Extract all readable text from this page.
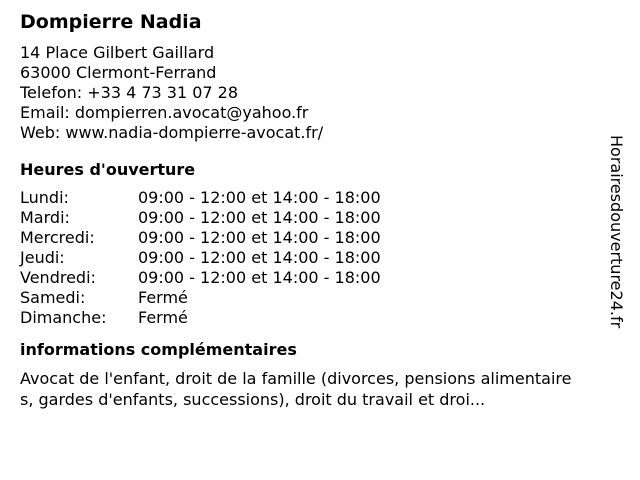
Dompierre Nadia
14 Place Gilbert Gaillard
63000 Clermont-Ferrand
Telefon: +33 4 73 31 07 28
Email: dompierren.avocat@yahoo.fr
Web: www.nadia-dompierre-avocat.fr/
Heures d'ouverture
Lundi:	09:00 - 12:00 et 14:00 - 18:00
Mardi:	09:00 - 12:00 et 14:00 - 18:00
Mercredi:	09:00 - 12:00 et 14:00 - 18:00
Jeudi:	09:00 - 12:00 et 14:00 - 18:00
Vendredi:	09:00 - 12:00 et 14:00 - 18:00
Samedi:	Fermé
Dimanche:	Fermé
informations complémentaires
Avocat de l'enfant, droit de la famille (divorces, pensions alimentaires, gardes d'enfants, successions), droit du travail et droi...
Horairesdouverture24.fr
